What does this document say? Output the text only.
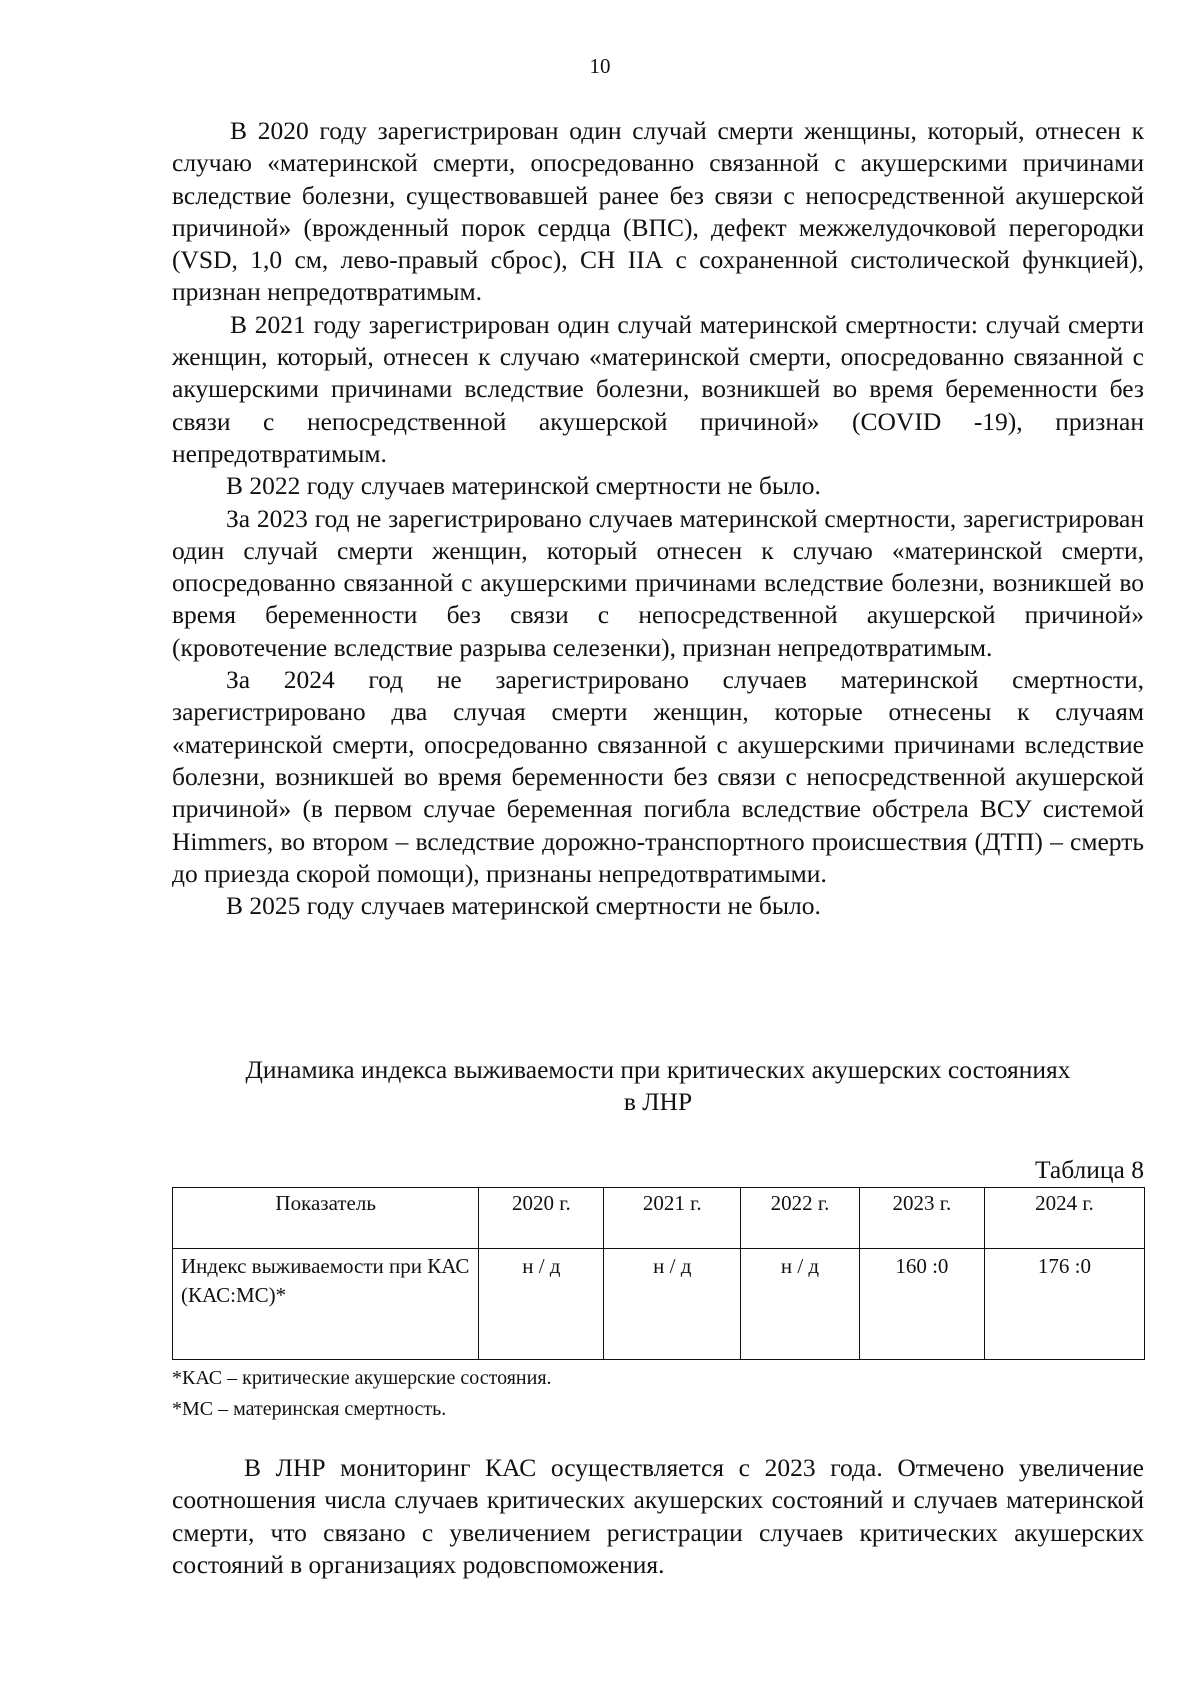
10

В 2020 году зарегистрирован один случай смерти женщины, который, отнесен к случаю «материнской смерти, опосредованно связанной с акушерскими причинами вследствие болезни, существовавшей ранее без связи с непосредственной акушерской причиной» (врожденный порок сердца (ВПС), дефект межжелудочковой перегородки (VSD, 1,0 см, лево-правый сброс), СН IIА с сохраненной систолической функцией), признан непредотвратимым.

В 2021 году зарегистрирован один случай материнской смертности: случай смерти женщин, который, отнесен к случаю «материнской смерти, опосредованно связанной с акушерскими причинами вследствие болезни, возникшей во время беременности без связи с непосредственной акушерской причиной» (COVID -19), признан непредотвратимым.

В 2022 году случаев материнской смертности не было.

За 2023 год не зарегистрировано случаев материнской смертности, зарегистрирован один случай смерти женщин, который отнесен к случаю «материнской смерти, опосредованно связанной с акушерскими причинами вследствие болезни, возникшей во время беременности без связи с непосредственной акушерской причиной» (кровотечение вследствие разрыва селезенки), признан непредотвратимым.

За 2024 год не зарегистрировано случаев материнской смертности, зарегистрировано два случая смерти женщин, которые отнесены к случаям «материнской смерти, опосредованно связанной с акушерскими причинами вследствие болезни, возникшей во время беременности без связи с непосредственной акушерской причиной» (в первом случае беременная погибла вследствие обстрела ВСУ системой Himmers, во втором – вследствие дорожно-транспортного происшествия (ДТП) – смерть до приезда скорой помощи), признаны непредотвратимыми.

В 2025 году случаев материнской смертности не было.

Динамика индекса выживаемости при критических акушерских состояниях
в ЛНР
Таблица 8
Показатель	2020 г.	2021 г.	2022 г.	2023 г.	2024 г.
Индекс выживаемости при КАС (КАС:МС)*	н / д	н / д	н / д	160 :0	176 :0
*КАС – критические акушерские состояния.
*МС – материнская смертность.

В ЛНР мониторинг КАС осуществляется с 2023 года. Отмечено увеличение соотношения числа случаев критических акушерских состояний и случаев материнской смерти, что связано с увеличением регистрации случаев критических акушерских состояний в организациях родовспоможения.
